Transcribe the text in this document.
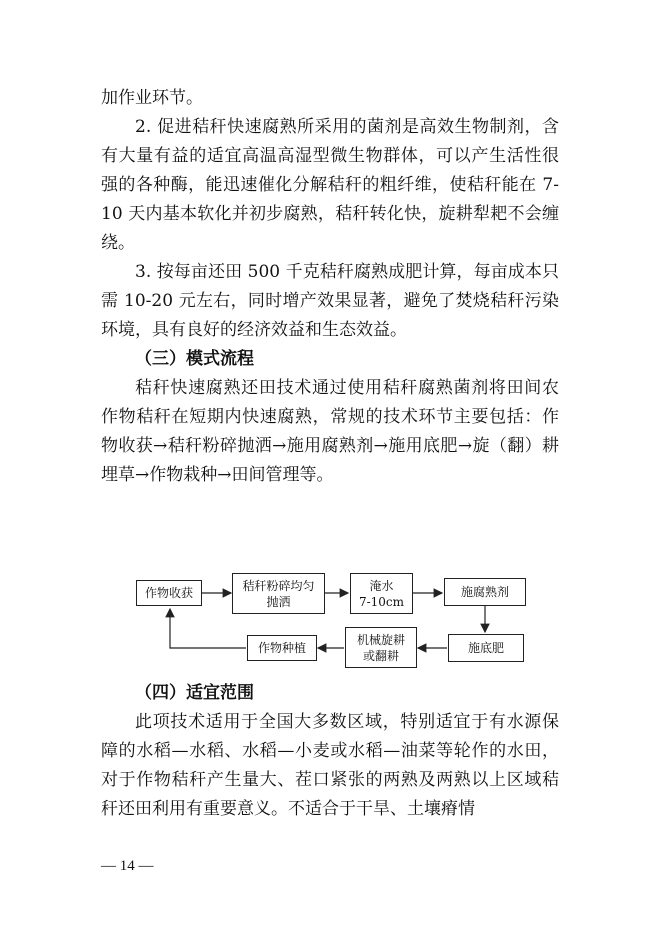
加作业环节。

2. 促进秸秆快速腐熟所采用的菌剂是高效生物制剂，含有大量有益的适宜高温高湿型微生物群体，可以产生活性很强的各种酶，能迅速催化分解秸秆的粗纤维，使秸秆能在 7-10 天内基本软化并初步腐熟，秸秆转化快，旋耕犁耙不会缠绕。

3. 按每亩还田 500 千克秸秆腐熟成肥计算，每亩成本只需 10-20 元左右，同时增产效果显著，避免了焚烧秸秆污染环境，具有良好的经济效益和生态效益。

（三）模式流程

秸秆快速腐熟还田技术通过使用秸秆腐熟菌剂将田间农作物秸秆在短期内快速腐熟，常规的技术环节主要包括：作物收获→秸秆粉碎抛洒→施用腐熟剂→施用底肥→旋（翻）耕埋草→作物栽种→田间管理等。

作物收获
秸秆粉碎均匀
抛洒
淹水
7-10cm
施腐熟剂
施底肥
机械旋耕
或翻耕
作物种植

（四）适宜范围

此项技术适用于全国大多数区域，特别适宜于有水源保障的水稻—水稻、水稻—小麦或水稻—油菜等轮作的水田，对于作物秸秆产生量大、茬口紧张的两熟及两熟以上区域秸秆还田利用有重要意义。不适合于干旱、土壤瘠情

— 14 —
